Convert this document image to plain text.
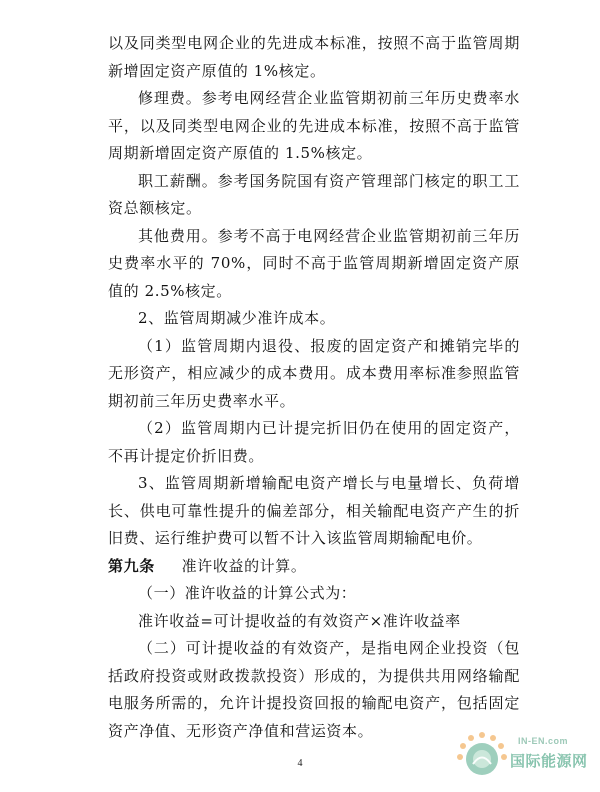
以及同类型电网企业的先进成本标准，按照不高于监管周期新增固定资产原值的 1%核定。

修理费。参考电网经营企业监管期初前三年历史费率水平，以及同类型电网企业的先进成本标准，按照不高于监管周期新增固定资产原值的 1.5%核定。

职工薪酬。参考国务院国有资产管理部门核定的职工工资总额核定。

其他费用。参考不高于电网经营企业监管期初前三年历史费率水平的 70%，同时不高于监管周期新增固定资产原值的 2.5%核定。

2、监管周期减少准许成本。

（1）监管周期内退役、报废的固定资产和摊销完毕的无形资产，相应减少的成本费用。成本费用率标准参照监管期初前三年历史费率水平。

（2）监管周期内已计提完折旧仍在使用的固定资产，不再计提定价折旧费。

3、监管周期新增输配电资产增长与电量增长、负荷增长、供电可靠性提升的偏差部分，相关输配电资产产生的折旧费、运行维护费可以暂不计入该监管周期输配电价。

第九条 准许收益的计算。

（一）准许收益的计算公式为：

准许收益=可计提收益的有效资产×准许收益率

（二）可计提收益的有效资产，是指电网企业投资（包括政府投资或财政拨款投资）形成的，为提供共用网络输配电服务所需的，允许计提投资回报的输配电资产，包括固定资产净值、无形资产净值和营运资本。

4
IN-EN.com
国际能源网
